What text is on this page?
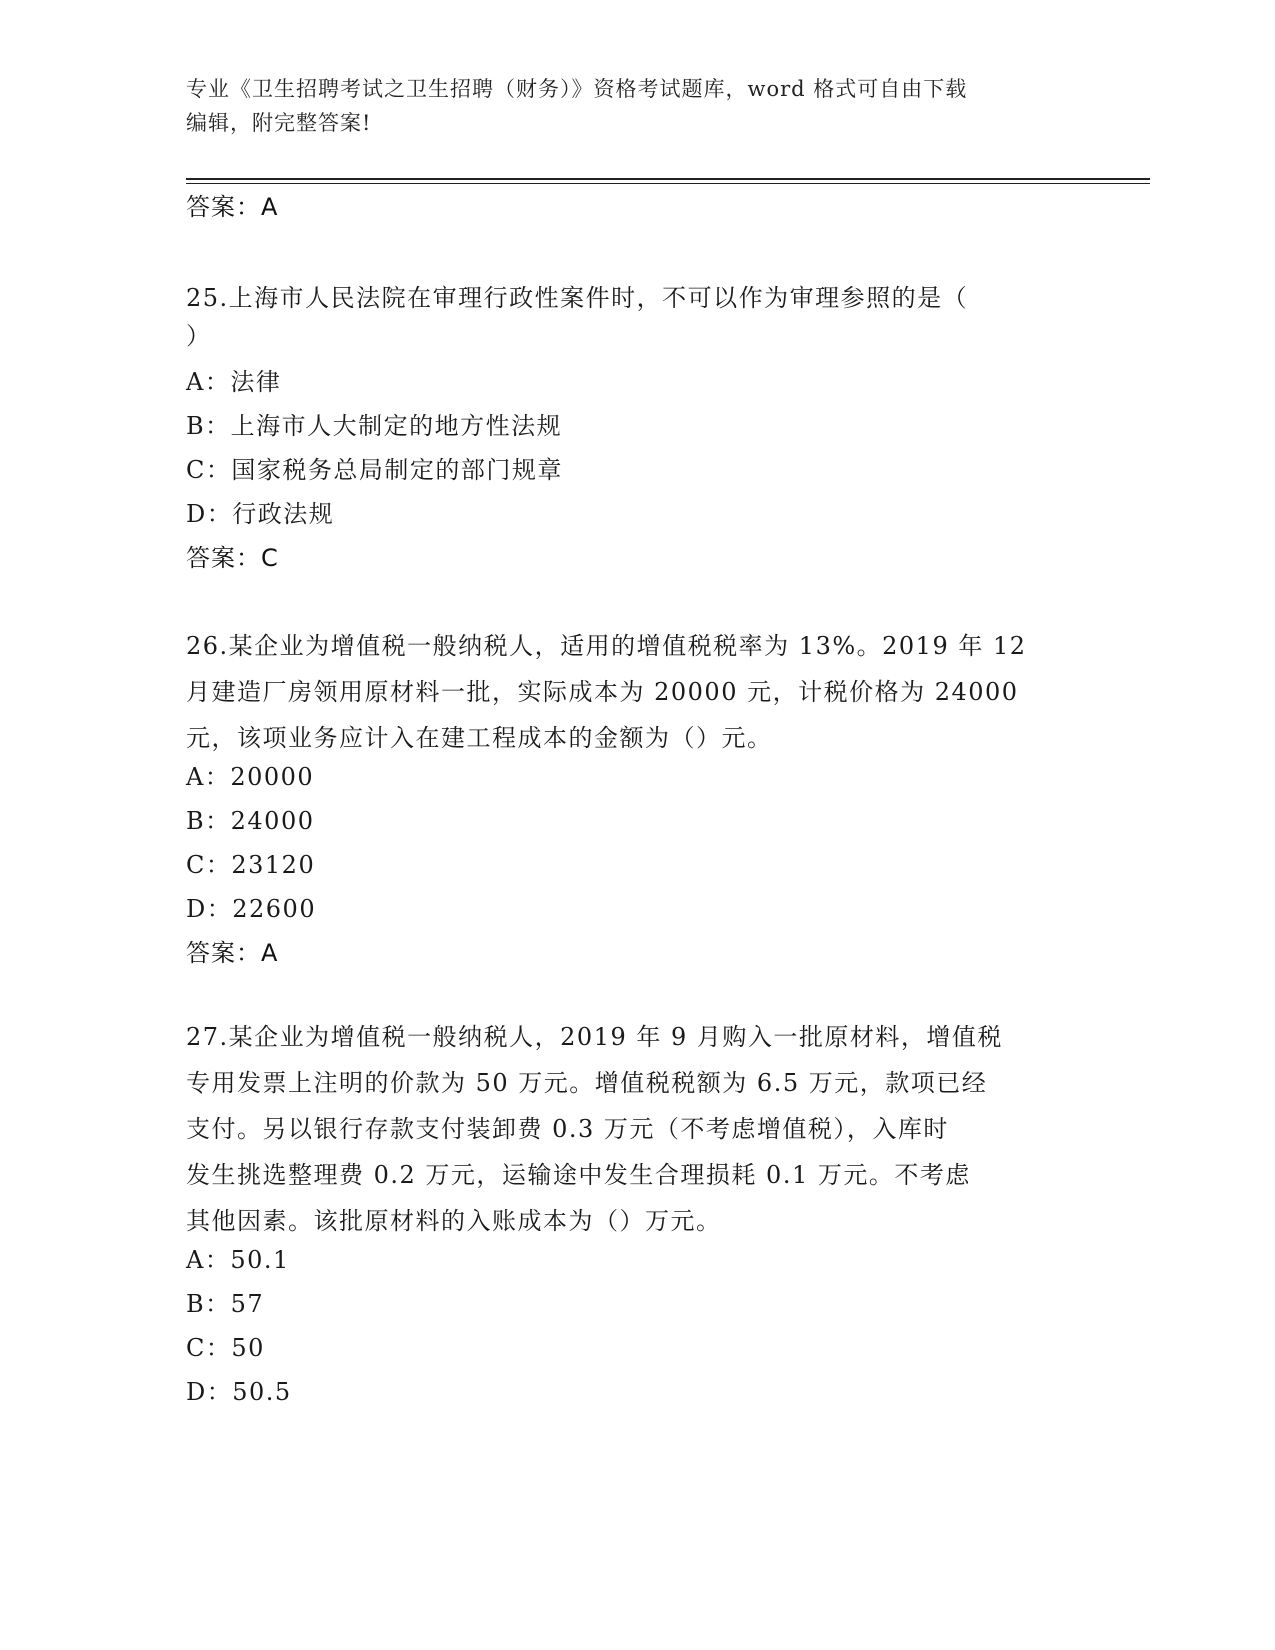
专业《卫生招聘考试之卫生招聘（财务）》资格考试题库，word 格式可自由下载
编辑，附完整答案!
答案：A
25.上海市人民法院在审理行政性案件时，不可以作为审理参照的是（
）
A：法律
B：上海市人大制定的地方性法规
C：国家税务总局制定的部门规章
D：行政法规
答案：C
26.某企业为增值税一般纳税人，适用的增值税税率为 13%。2019 年 12
月建造厂房领用原材料一批，实际成本为 20000 元，计税价格为 24000
元，该项业务应计入在建工程成本的金额为（）元。
A：20000
B：24000
C：23120
D：22600
答案：A
27.某企业为增值税一般纳税人，2019 年 9 月购入一批原材料，增值税
专用发票上注明的价款为 50 万元。增值税税额为 6.5 万元，款项已经
支付。另以银行存款支付装卸费 0.3 万元（不考虑增值税），入库时
发生挑选整理费 0.2 万元，运输途中发生合理损耗 0.1 万元。不考虑
其他因素。该批原材料的入账成本为（）万元。
A：50.1
B：57
C：50
D：50.5
